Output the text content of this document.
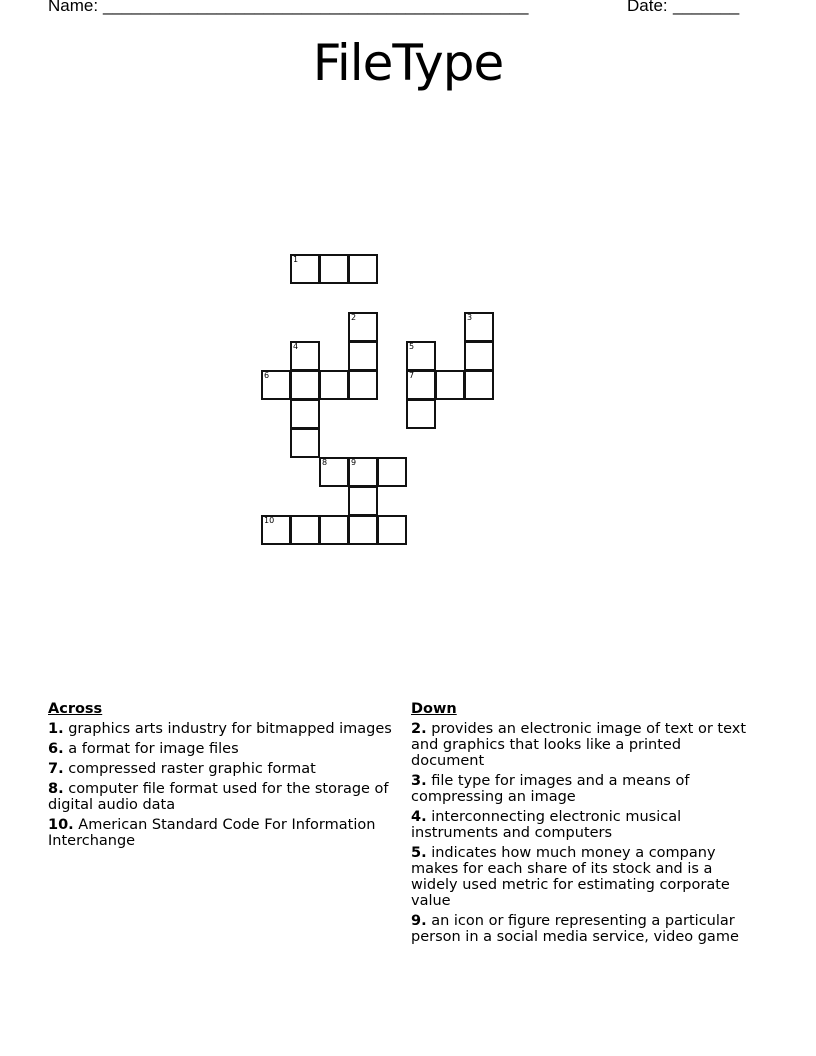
Name: _____________________________________________	Date: _______
FileType
1
2	3
4	5
6	7
8	9
10
Across
1. graphics arts industry for bitmapped images
6. a format for image files
7. compressed raster graphic format
8. computer file format used for the storage of digital audio data
10. American Standard Code For Information Interchange
Down
2. provides an electronic image of text or text and graphics that looks like a printed document
3. file type for images and a means of compressing an image
4. interconnecting electronic musical instruments and computers
5. indicates how much money a company makes for each share of its stock and is a widely used metric for estimating corporate value
9. an icon or figure representing a particular person in a social media service, video game
